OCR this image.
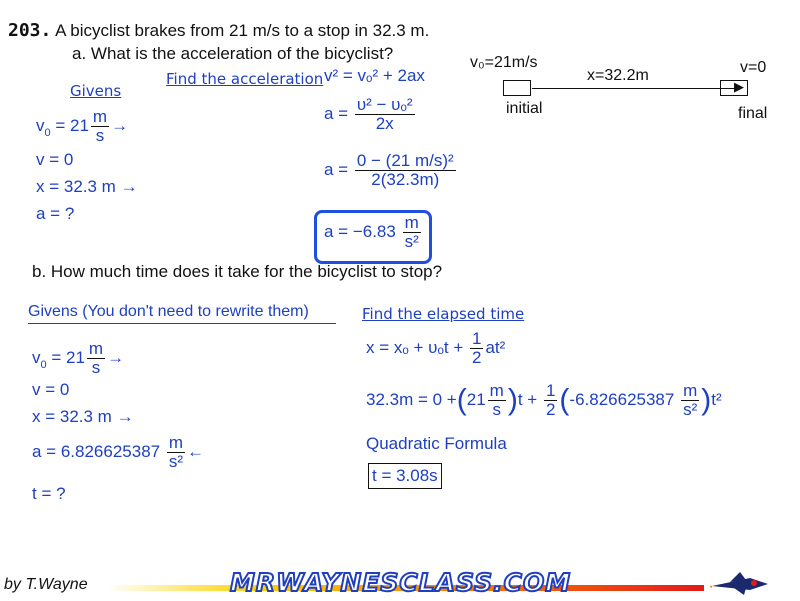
203. A bicyclist brakes from 21 m/s to a stop in 32.3 m.
a. What is the acceleration of the bicyclist?	v₀=21m/s
x=32.2m	v=0
▶
initial	final
Givens
$v_0 = 21 \frac{m}{s}$ →
v = 0
x = 32.3 m →
a = ?
Find the acceleration v² = vₒ² + 2ax
$a = \frac{\text{υ² − υₒ²}}{2x}$
$a = \frac{\text{0 − (21 m/s)²}}{2(32.3m)}$
$a = -6.83 \frac{m}{\text{s²}}$
b. How much time does it take for the bicyclist to stop?
Givens (You don't need to rewrite them)
$v_0 = 21 \frac{m}{s}$ →
v = 0
x = 32.3 m →
$a = 6.826625387 \frac{m}{\text{s²}}$ ←
t = ?
Find the elapsed time
$x = x_o + \upsilon_ot + \frac{1}{2} at^2$
$32.3m = 0 +(21 \frac{m}{s} )t + \frac{1}{2} (-6.826625387 \frac{m}{\text{s²}} )t^2$
Quadratic Formula
t = 3.08s
by T.Wayne	MRWAYNESCLASS.COM
